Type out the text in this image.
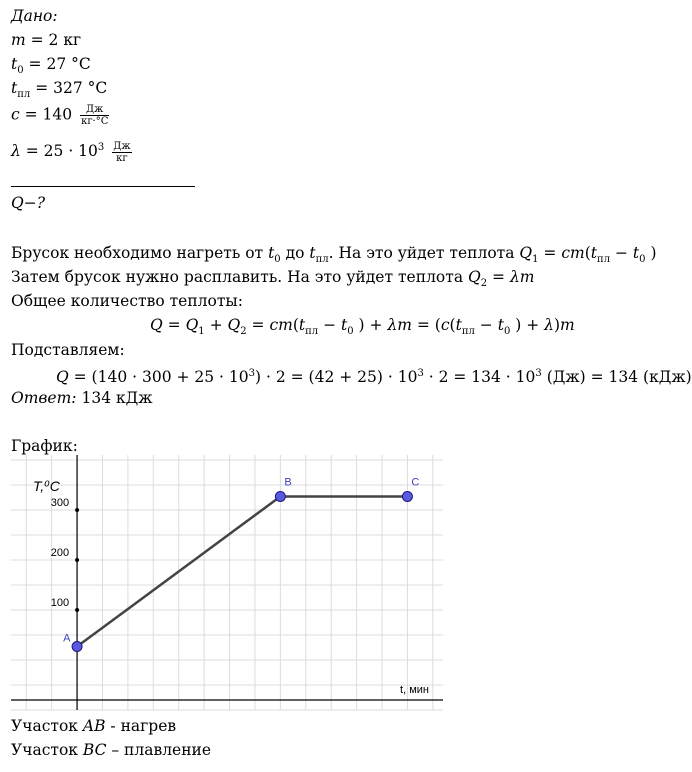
Дано:
m = 2 кг
$t_0 = 27$ °C
$t_{пл} = 327$ °C
$c = 140 \frac{Дж}{кг\cdot^\circ C}$
$\lambda = 25 \cdot 10^3 \frac{Дж}{кг}$
Q−?
Брусок необходимо нагреть от $t_0$ до $t_{пл}$. На это уйдет теплота $Q_1 = cm(t_{пл} - t_0$ )
Затем брусок нужно расплавить. На это уйдет теплота $Q_2 = \lambda m$
Общее количество теплоты:
$Q = Q_1 + Q_2 = cm(t_{пл} - t_0$ ) + $\lambda m = (c(t_{пл} - t_0$ ) + λ)m
Подставляем:
$Q = (140 \cdot 300 + 25 \cdot 10^3) \cdot 2 = (42 + 25) \cdot 10^3 \cdot 2 = 134 \cdot 10^3$ (Дж) = 134 (кДж)
Ответ: 134 кДж
График:
100
200
300
T,⁰C
t, мин
A
B	C
Участок AB - нагрев
Участок BC – плавление
